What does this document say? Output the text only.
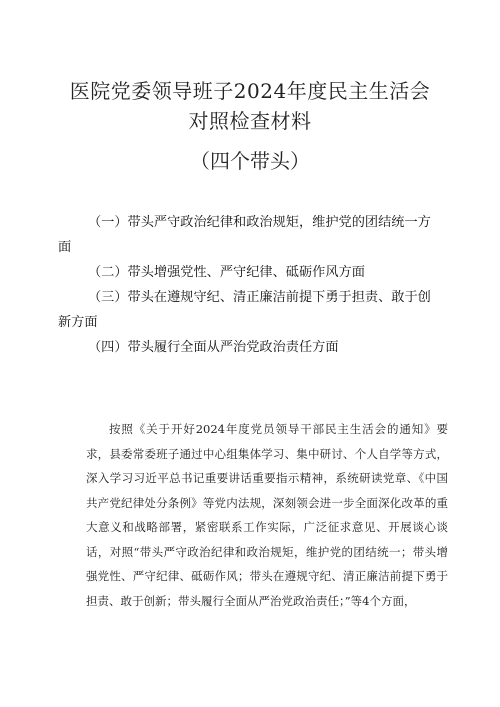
医院党委领导班子2024年度民主生活会对照检查材料
（四个带头）

（一）带头严守政治纪律和政治规矩，维护党的团结统一方面

（二）带头增强党性、严守纪律、砥砺作风方面

（三）带头在遵规守纪、清正廉洁前提下勇于担责、敢于创新方面

（四）带头履行全面从严治党政治责任方面

按照《关于开好2024年度党员领导干部民主生活会的通知》要求，县委常委班子通过中心组集体学习、集中研讨、个人自学等方式，深入学习习近平总书记重要讲话重要指示精神，系统研读党章、《中国共产党纪律处分条例》等党内法规，深刻领会进一步全面深化改革的重大意义和战略部署，紧密联系工作实际，广泛征求意见、开展谈心谈话，对照“带头严守政治纪律和政治规矩，维护党的团结统一；带头增强党性、严守纪律、砥砺作风；带头在遵规守纪、清正廉洁前提下勇于担责、敢于创新；带头履行全面从严治党政治责任；”等4个方面，
